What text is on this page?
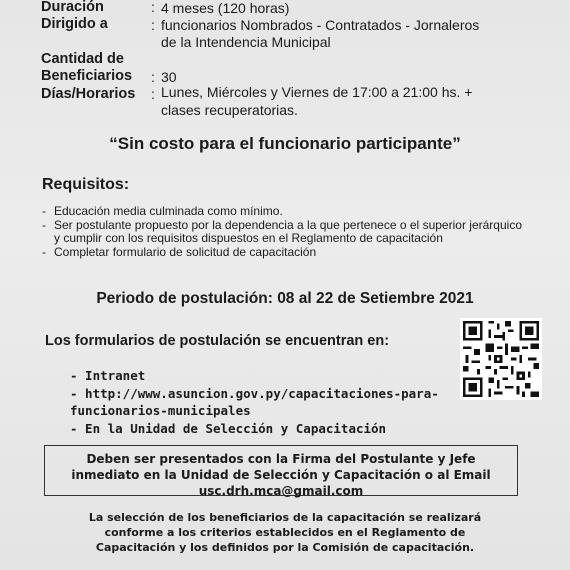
Duración	: 4 meses (120 horas)
Dirigido a	: funcionarios Nombrados - Contratados - Jornaleros
de la Intendencia Municipal
Cantidad de
Beneficiarios : 30
Días/Horarios : Lunes, Miércoles y Viernes de 17:00 a 21:00 hs. +
clases recuperatorias.
“Sin costo para el funcionario participante”
Requisitos:
- Educación media culminada como mínimo.
- Ser postulante propuesto por la dependencia a la que pertenece o el superior jerárquico y cumplir con los requisitos dispuestos en el Reglamento de capacitación
- Completar formulario de solicitud de capacitación
Periodo de postulación: 08 al 22 de Setiembre 2021
Los formularios de postulación se encuentran en:
- Intranet
- http://www.asuncion.gov.py/capacitaciones-para-
funcionarios-municipales
- En la Unidad de Selección y Capacitación
Deben ser presentados con la Firma del Postulante y Jefe
inmediato en la Unidad de Selección y Capacitación o al Email
usc.drh.mca@gmail.com
La selección de los beneficiarios de la capacitación se realizará
conforme a los criterios establecidos en el Reglamento de
Capacitación y los definidos por la Comisión de capacitación.
